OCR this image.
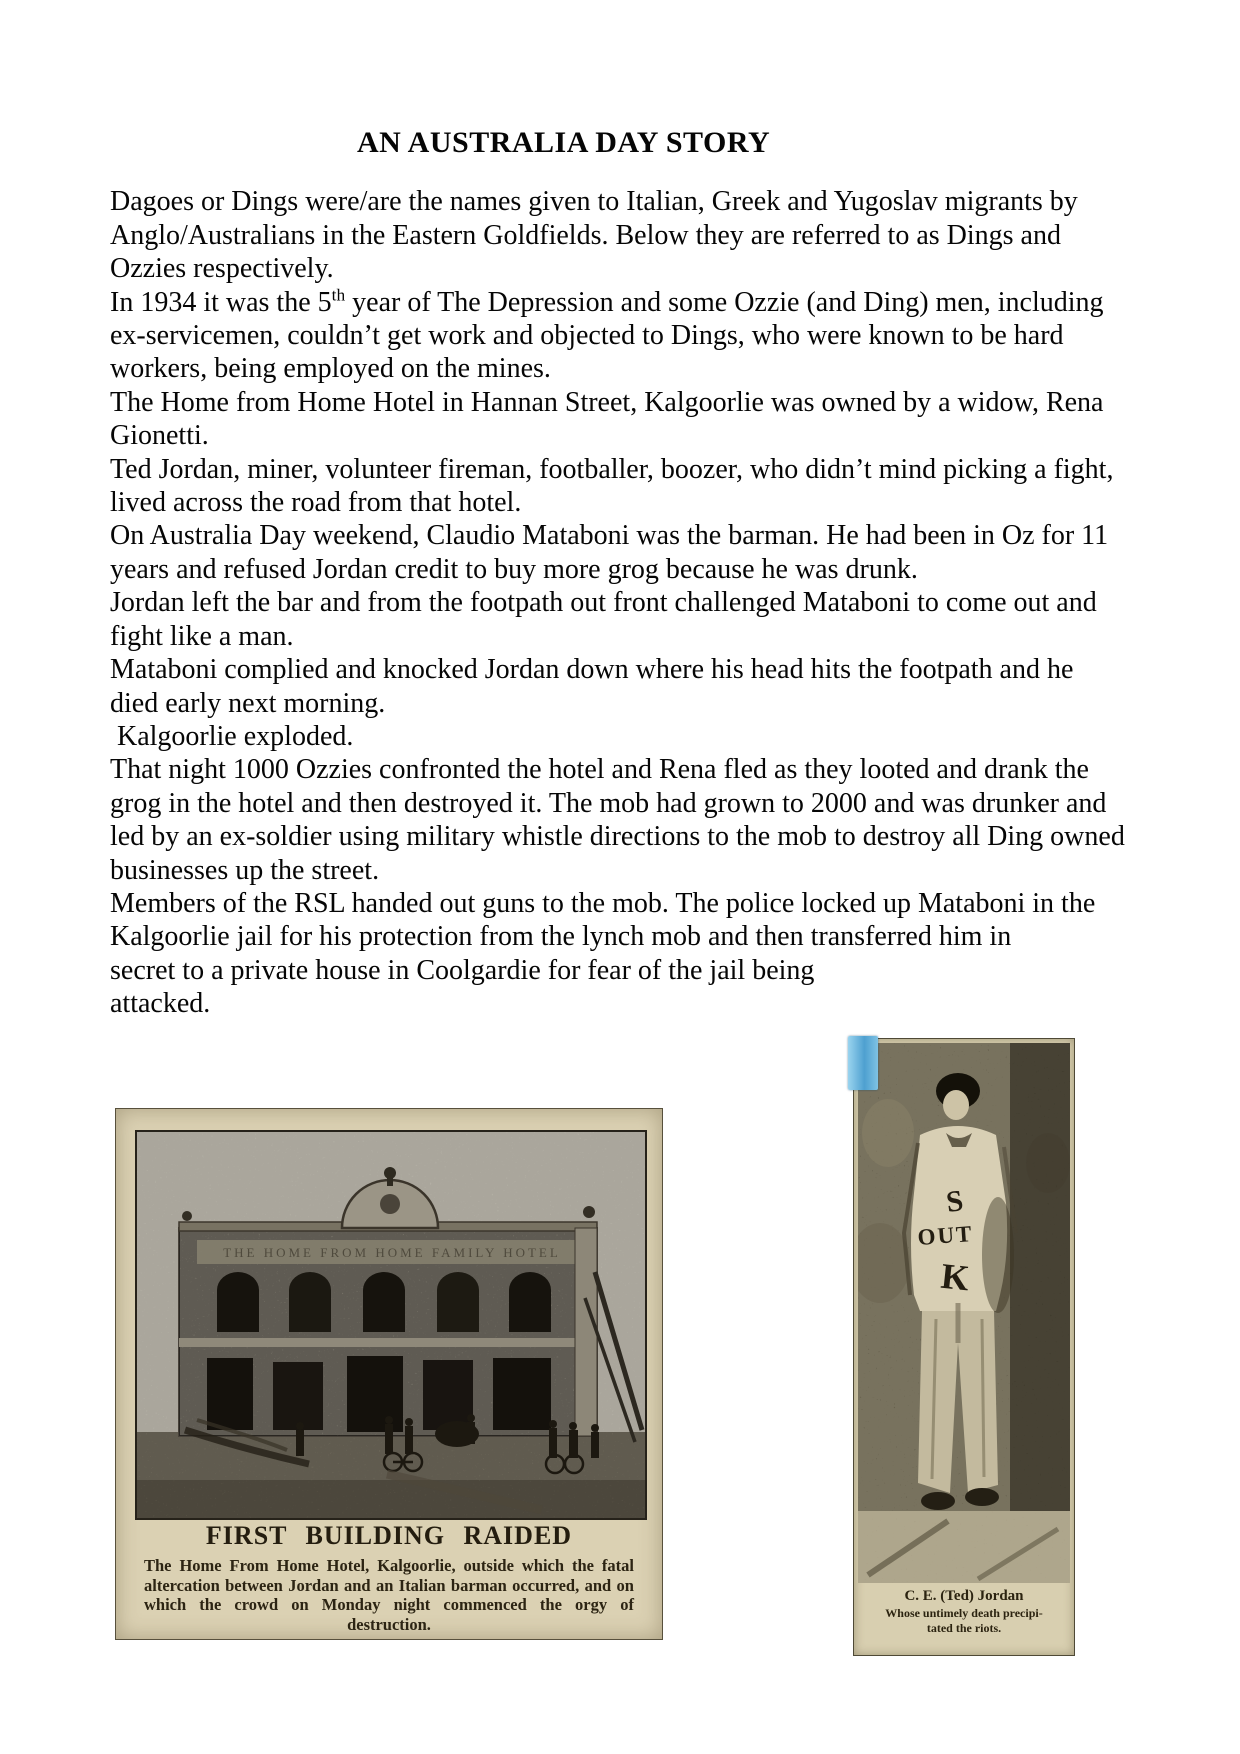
AN AUSTRALIA DAY STORY

Dagoes or Dings were/are the names given to Italian, Greek and Yugoslav migrants by Anglo/Australians in the Eastern Goldfields. Below they are referred to as Dings and Ozzies respectively.

In 1934 it was the 5th year of The Depression and some Ozzie (and Ding) men, including ex-servicemen, couldn’t get work and objected to Dings, who were known to be hard workers, being employed on the mines.

The Home from Home Hotel in Hannan Street, Kalgoorlie was owned by a widow, Rena Gionetti.

Ted Jordan, miner, volunteer fireman, footballer, boozer, who didn’t mind picking a fight, lived across the road from that hotel.

On Australia Day weekend, Claudio Mataboni was the barman. He had been in Oz for 11 years and refused Jordan credit to buy more grog because he was drunk.

Jordan left the bar and from the footpath out front challenged Mataboni to come out and fight like a man.

Mataboni complied and knocked Jordan down where his head hits the footpath and he died early next morning.

Kalgoorlie exploded.

That night 1000 Ozzies confronted the hotel and Rena fled as they looted and drank the grog in the hotel and then destroyed it. The mob had grown to 2000 and was drunker and led by an ex-soldier using military whistle directions to the mob to destroy all Ding owned businesses up the street.

Members of the RSL handed out guns to the mob. The police locked up Mataboni in the Kalgoorlie jail for his protection from the lynch mob and then transferred him in

secret to a private house in Coolgardie for fear of the jail being attacked.

THE HOME FROM HOME FAMILY HOTEL
FIRST BUILDING RAIDED
The Home From Home Hotel, Kalgoorlie, outside which the fatal altercation between Jordan and an Italian barman occurred, and on which the crowd on Monday night commenced the orgy of destruction.
S
OUT
K
C. E. (Ted) Jordan
Whose untimely death precipi-
tated the riots.
